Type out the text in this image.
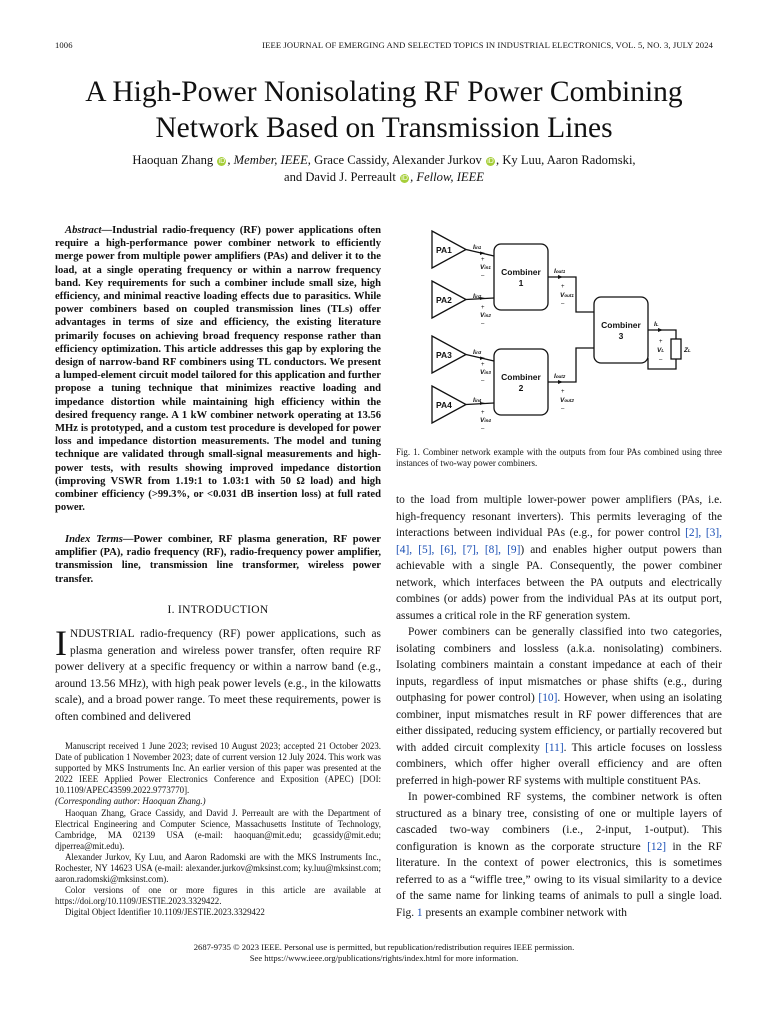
1006	IEEE JOURNAL OF EMERGING AND SELECTED TOPICS IN INDUSTRIAL ELECTRONICS, VOL. 5, NO. 3, JULY 2024
A High-Power Nonisolating RF Power Combining
Network Based on Transmission Lines
Haoquan Zhang iD , Member, IEEE, Grace Cassidy, Alexander Jurkov iD , Ky Luu, Aaron Radomski,
and David J. Perreault iD , Fellow, IEEE
Abstract—Industrial radio-frequency (RF) power applications often require a high-performance power combiner network to efficiently merge power from multiple power amplifiers (PAs) and deliver it to the load, at a single operating frequency or within a narrow frequency band. Key requirements for such a combiner include small size, high efficiency, and minimal reactive loading effects due to parasitics. While power combiners based on coupled transmission lines (TLs) offer advantages in terms of size and efficiency, the existing literature primarily focuses on achieving broad frequency response rather than efficiency optimization. This article addresses this gap by exploring the design of narrow-band RF combiners using TL conductors. We present a lumped-element circuit model tailored for this application and further propose a tuning technique that minimizes reactive loading and impedance distortion while maintaining high efficiency within the desired frequency range. A 1 kW combiner network operating at 13.56 MHz is prototyped, and a custom test procedure is developed for power loss and impedance distortion measurements. The model and tuning technique are validated through small-signal measurements and high-power tests, with results showing improved impedance distortion (improving VSWR from 1.19:1 to 1.03:1 with 50 Ω load) and high combiner efficiency (>99.3%, or <0.031 dB insertion loss) at full rated power.
Index Terms—Power combiner, RF plasma generation, RF power amplifier (PA), radio frequency (RF), radio-frequency power amplifier, transmission line, transmission line transformer, wireless power transfer.
I. INTRODUCTION
INDUSTRIAL radio-frequency (RF) power applications, such as plasma generation and wireless power transfer, often require RF power delivery at a specific frequency or within a narrow band (e.g., around 13.56 MHz), with high peak power levels (e.g., in the kilowatts scale), and a broad power range. To meet these requirements, power is often combined and delivered

Manuscript received 1 June 2023; revised 10 August 2023; accepted 21 October 2023. Date of publication 1 November 2023; date of current version 12 July 2024. This work was supported by MKS Instruments Inc. An earlier version of this paper was presented at the 2022 IEEE Applied Power Electronics Conference and Exposition (APEC) [DOI: 10.1109/APEC43599.2022.9773770].

(Corresponding author: Haoquan Zhang.)

Haoquan Zhang, Grace Cassidy, and David J. Perreault are with the Department of Electrical Engineering and Computer Science, Massachusetts Institute of Technology, Cambridge, MA 02139 USA (e-mail: haoquan@mit.edu; gcassidy@mit.edu; djperrea@mit.edu).

Alexander Jurkov, Ky Luu, and Aaron Radomski are with the MKS Instruments Inc., Rochester, NY 14623 USA (e-mail: alexander.jurkov@mksinst.com; ky.luu@mksinst.com; aaron.radomski@mksinst.com).

Color versions of one or more figures in this article are available at https://doi.org/10.1109/JESTIE.2023.3329422.

Digital Object Identifier 10.1109/JESTIE.2023.3329422

PA1
PA2
PA3
PA4
Combiner
1
Combiner
2
Combiner
3
Iin1
Iin2
Iin3
Iin4
Iout1
Iout2
IL
Vin1
Vin2
Vin3
Vin4
Vout1
Vout2
VL	ZL
+
–
+
–
+
–
+
–
+
–
+
–
+
–
Fig. 1. Combiner network example with the outputs from four PAs combined using three instances of two-way power combiners.

to the load from multiple lower-power power amplifiers (PAs, i.e. high-frequency resonant inverters). This permits leveraging of the interactions between individual PAs (e.g., for power control [2], [3], [4], [5], [6], [7], [8], [9]) and enables higher output powers than achievable with a single PA. Consequently, the power combiner network, which interfaces between the PA outputs and electrically combines (or adds) power from the individual PAs at its output port, assumes a critical role in the RF generation system.

Power combiners can be generally classified into two categories, isolating combiners and lossless (a.k.a. nonisolating) combiners. Isolating combiners maintain a constant impedance at each of their inputs, regardless of input mismatches or phase shifts (e.g., during outphasing for power control) [10]. However, when using an isolating combiner, input mismatches result in RF power differences that are either dissipated, reducing system efficiency, or partially recovered but with added circuit complexity [11]. This article focuses on lossless combiners, which offer higher overall efficiency and are often preferred in high-power RF systems with multiple constituent PAs.

In power-combined RF systems, the combiner network is often structured as a binary tree, consisting of one or multiple layers of cascaded two-way combiners (i.e., 2-input, 1-output). This configuration is known as the corporate structure [12] in the RF literature. In the context of power electronics, this is sometimes referred to as a “wiffle tree,” owing to its visual similarity to a device of the same name for linking teams of animals to pull a single load. Fig. 1 presents an example combiner network with

2687-9735 © 2023 IEEE. Personal use is permitted, but republication/redistribution requires IEEE permission.
See https://www.ieee.org/publications/rights/index.html for more information.
